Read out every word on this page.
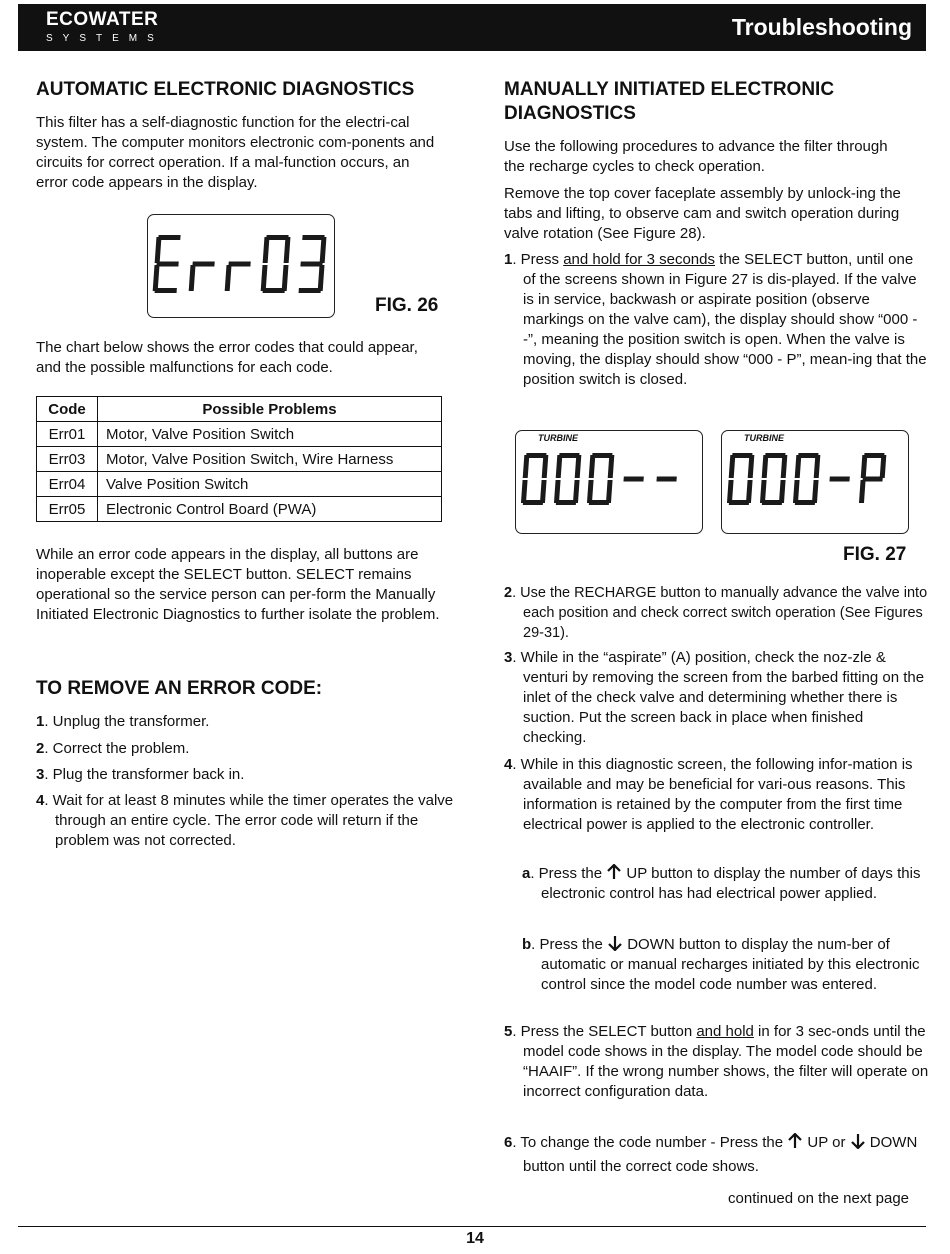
ECOWATER
SYSTEMS	Troubleshooting
AUTOMATIC ELECTRONIC DIAGNOSTICS

This filter has a self-diagnostic function for the electri-cal system. The computer monitors electronic com-ponents and circuits for correct operation. If a mal-function occurs, an error code appears in the display.

FIG. 26

The chart below shows the error codes that could appear, and the possible malfunctions for each code.

Code	Possible Problems
Err01	Motor, Valve Position Switch
Err03	Motor, Valve Position Switch, Wire Harness
Err04	Valve Position Switch
Err05	Electronic Control Board (PWA)

While an error code appears in the display, all buttons are inoperable except the SELECT button. SELECT remains operational so the service person can per-form the Manually Initiated Electronic Diagnostics to further isolate the problem.

TO REMOVE AN ERROR CODE:
1. Unplug the transformer.
2. Correct the problem.
3. Plug the transformer back in.
4. Wait for at least 8 minutes while the timer operates the valve through an entire cycle. The error code will return if the problem was not corrected.
MANUALLY INITIATED ELECTRONIC DIAGNOSTICS

Use the following procedures to advance the filter through the recharge cycles to check operation.

Remove the top cover faceplate assembly by unlock-ing the tabs and lifting, to observe cam and switch operation during valve rotation (See Figure 28).

1. Press and hold for 3 seconds the SELECT button, until one of the screens shown in Figure 27 is dis-played. If the valve is in service, backwash or aspirate position (observe markings on the valve cam), the display should show “000 - -”, meaning the position switch is open. When the valve is moving, the display should show “000 - P”, mean-ing that the position switch is closed.
TURBINE	TURBINE
FIG. 27
2. Use the RECHARGE button to manually advance the valve into each position and check correct switch operation (See Figures 29-31).
3. While in the “aspirate” (A) position, check the noz-zle & venturi by removing the screen from the barbed fitting on the inlet of the check valve and determining whether there is suction. Put the screen back in place when finished checking.
4. While in this diagnostic screen, the following infor-mation is available and may be beneficial for vari-ous reasons. This information is retained by the computer from the first time electrical power is applied to the electronic controller.
a. Press the  UP button to display the number of days this electronic control has had electrical power applied.
b. Press the  DOWN button to display the num-ber of automatic or manual recharges initiated by this electronic control since the model code number was entered.
5. Press the SELECT button and hold in for 3 sec-onds until the model code shows in the display. The model code should be “HAAIF”. If the wrong number shows, the filter will operate on incorrect configuration data.
6. To change the code number - Press the  UP or  DOWN button until the correct code shows.
continued on the next page
14
